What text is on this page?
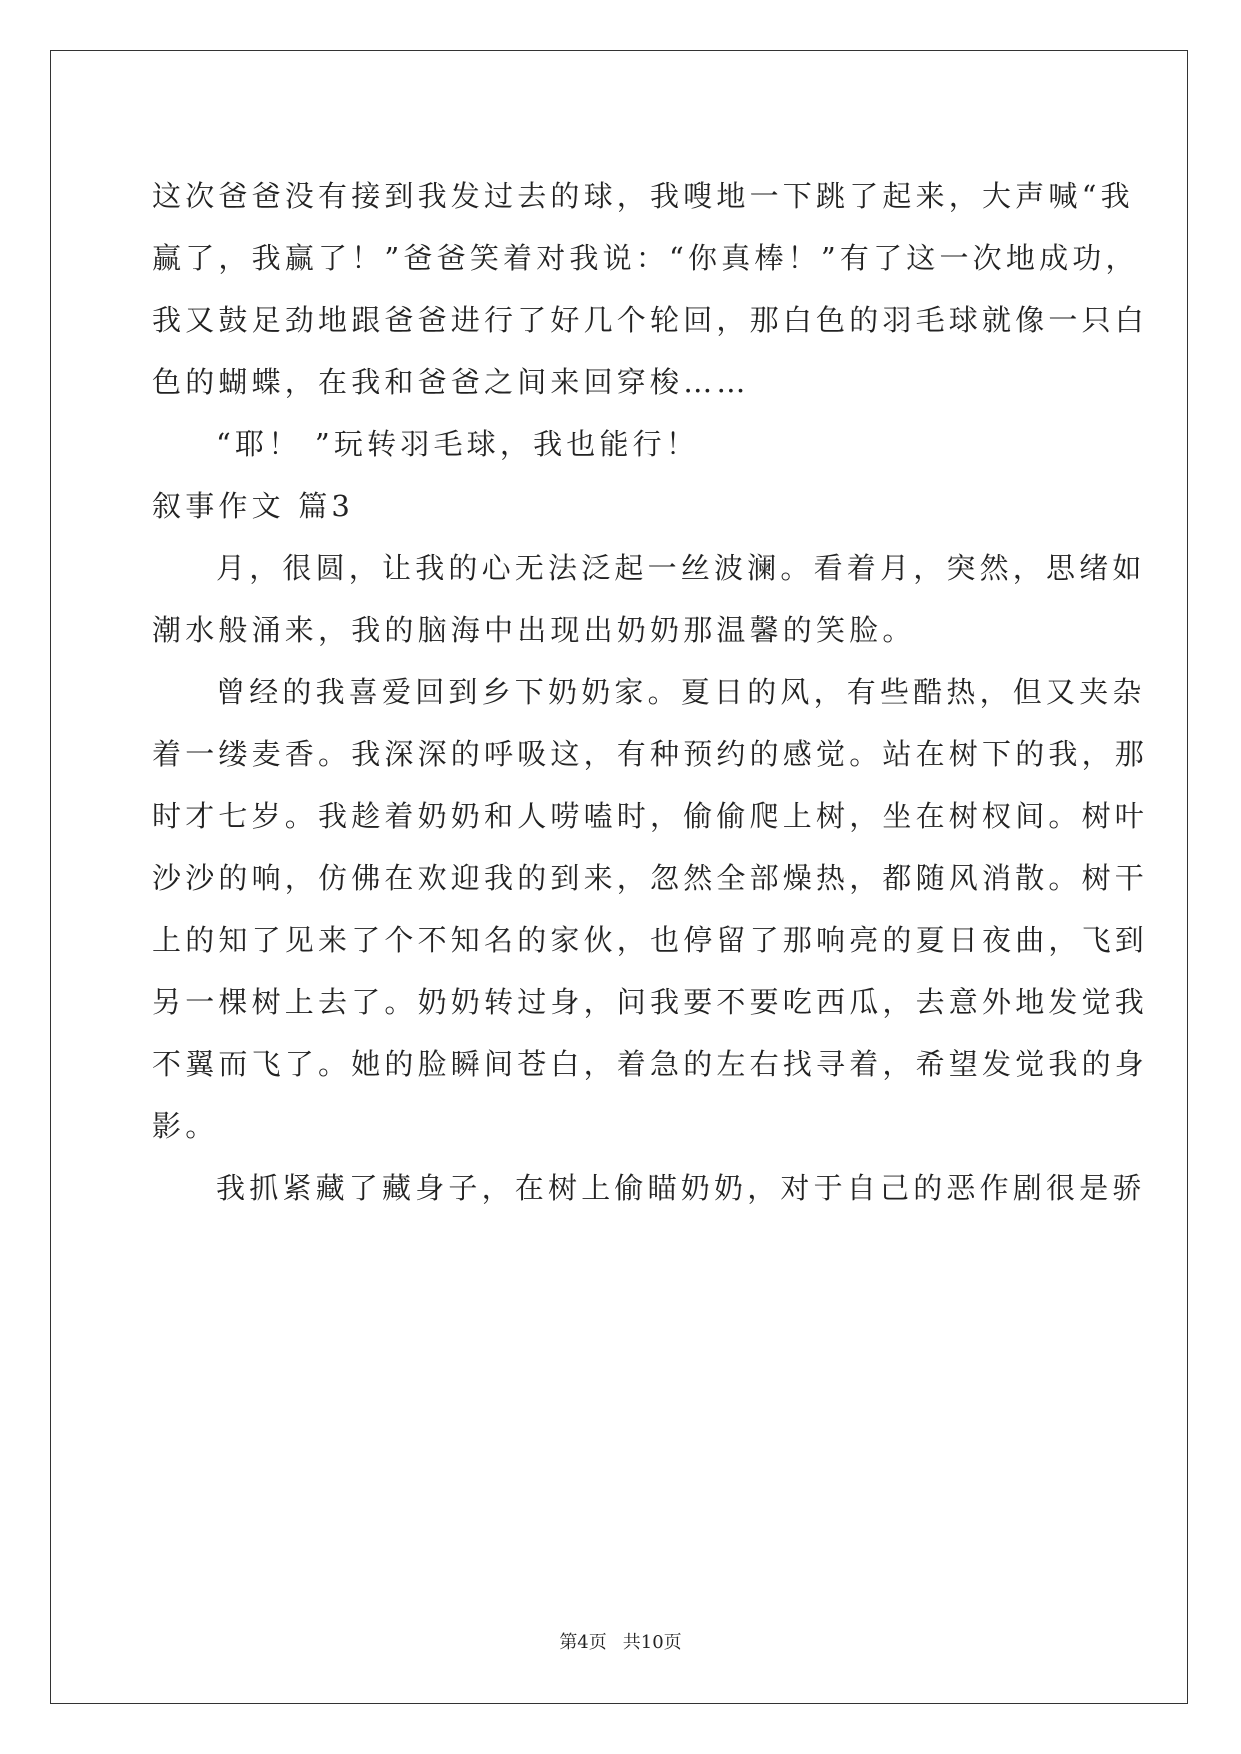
这次爸爸没有接到我发过去的球，我嗖地一下跳了起来，大声喊“我
赢了，我赢了！”爸爸笑着对我说：“你真棒！”有了这一次地成功，
我又鼓足劲地跟爸爸进行了好几个轮回，那白色的羽毛球就像一只白
色的蝴蝶，在我和爸爸之间来回穿梭……
“耶！ ”玩转羽毛球，我也能行！
叙事作文 篇3
月，很圆，让我的心无法泛起一丝波澜。看着月，突然，思绪如
潮水般涌来，我的脑海中出现出奶奶那温馨的笑脸。
曾经的我喜爱回到乡下奶奶家。夏日的风，有些酷热，但又夹杂
着一缕麦香。我深深的呼吸这，有种预约的感觉。站在树下的我，那
时才七岁。我趁着奶奶和人唠嗑时，偷偷爬上树，坐在树杈间。树叶
沙沙的响，仿佛在欢迎我的到来，忽然全部燥热，都随风消散。树干
上的知了见来了个不知名的家伙，也停留了那响亮的夏日夜曲，飞到
另一棵树上去了。奶奶转过身，问我要不要吃西瓜，去意外地发觉我
不翼而飞了。她的脸瞬间苍白，着急的左右找寻着，希望发觉我的身
影。
我抓紧藏了藏身子，在树上偷瞄奶奶，对于自己的恶作剧很是骄
第4页 共10页
